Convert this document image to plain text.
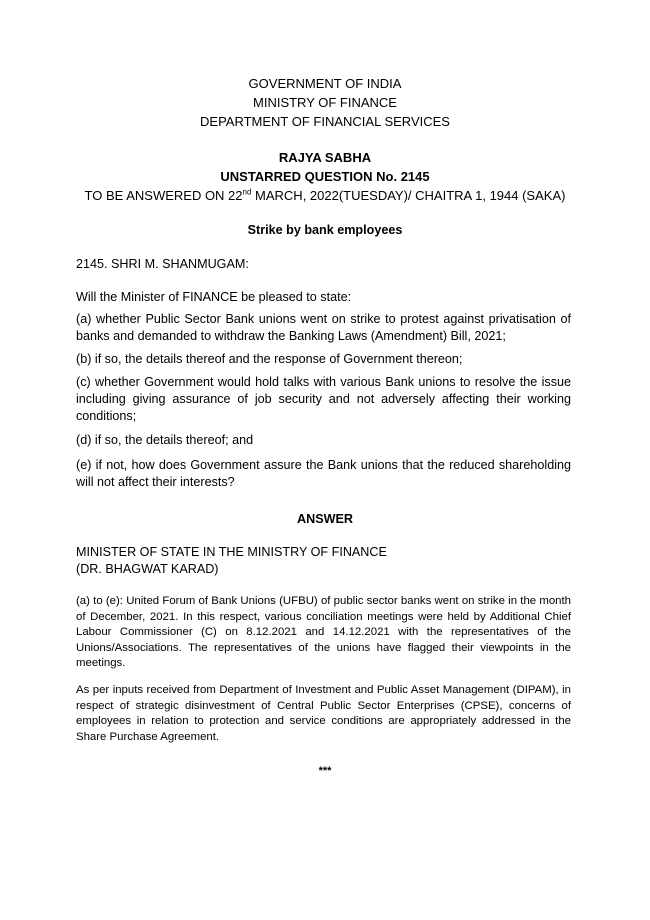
GOVERNMENT OF INDIA
MINISTRY OF FINANCE
DEPARTMENT OF FINANCIAL SERVICES
RAJYA SABHA
UNSTARRED QUESTION No. 2145
TO BE ANSWERED ON 22nd MARCH, 2022(TUESDAY)/ CHAITRA 1, 1944 (SAKA)
Strike by bank employees
2145. SHRI M. SHANMUGAM:
Will the Minister of FINANCE be pleased to state:
(a) whether Public Sector Bank unions went on strike to protest against privatisation of banks and demanded to withdraw the Banking Laws (Amendment) Bill, 2021;
(b) if so, the details thereof and the response of Government thereon;
(c) whether Government would hold talks with various Bank unions to resolve the issue including giving assurance of job security and not adversely affecting their working conditions;
(d) if so, the details thereof; and
(e) if not, how does Government assure the Bank unions that the reduced shareholding will not affect their interests?
ANSWER
MINISTER OF STATE IN THE MINISTRY OF FINANCE
(DR. BHAGWAT KARAD)
(a) to (e): United Forum of Bank Unions (UFBU) of public sector banks went on strike in the month of December, 2021. In this respect, various conciliation meetings were held by Additional Chief Labour Commissioner (C) on 8.12.2021 and 14.12.2021 with the representatives of the Unions/Associations. The representatives of the unions have flagged their viewpoints in the meetings.
As per inputs received from Department of Investment and Public Asset Management (DIPAM), in respect of strategic disinvestment of Central Public Sector Enterprises (CPSE), concerns of employees in relation to protection and service conditions are appropriately addressed in the Share Purchase Agreement.
***
